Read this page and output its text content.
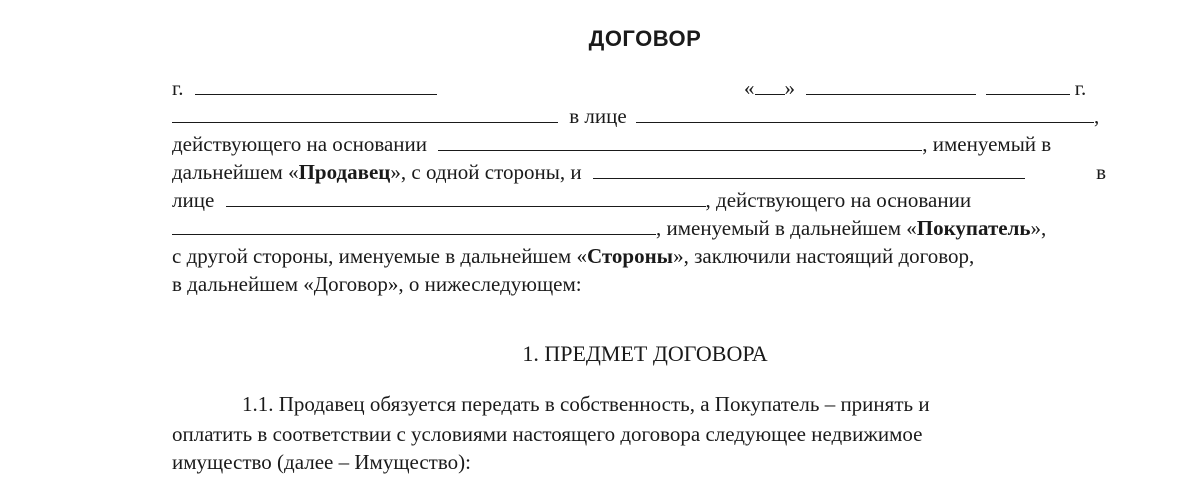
ДОГОВОР
г.	« »	г.
в лице	,
действующего на основании	, именуемый в
дальнейшем «Продавец», с одной стороны, и	в
лице	, действующего на основании
, именуемый в дальнейшем «Покупатель»,
с другой стороны, именуемые в дальнейшем «Стороны», заключили настоящий договор,
в дальнейшем «Договор», о нижеследующем:
1. ПРЕДМЕТ ДОГОВОРА
1.1. Продавец обязуется передать в собственность, а Покупатель – принять и
оплатить в соответствии с условиями настоящего договора следующее недвижимое
имущество (далее – Имущество):
